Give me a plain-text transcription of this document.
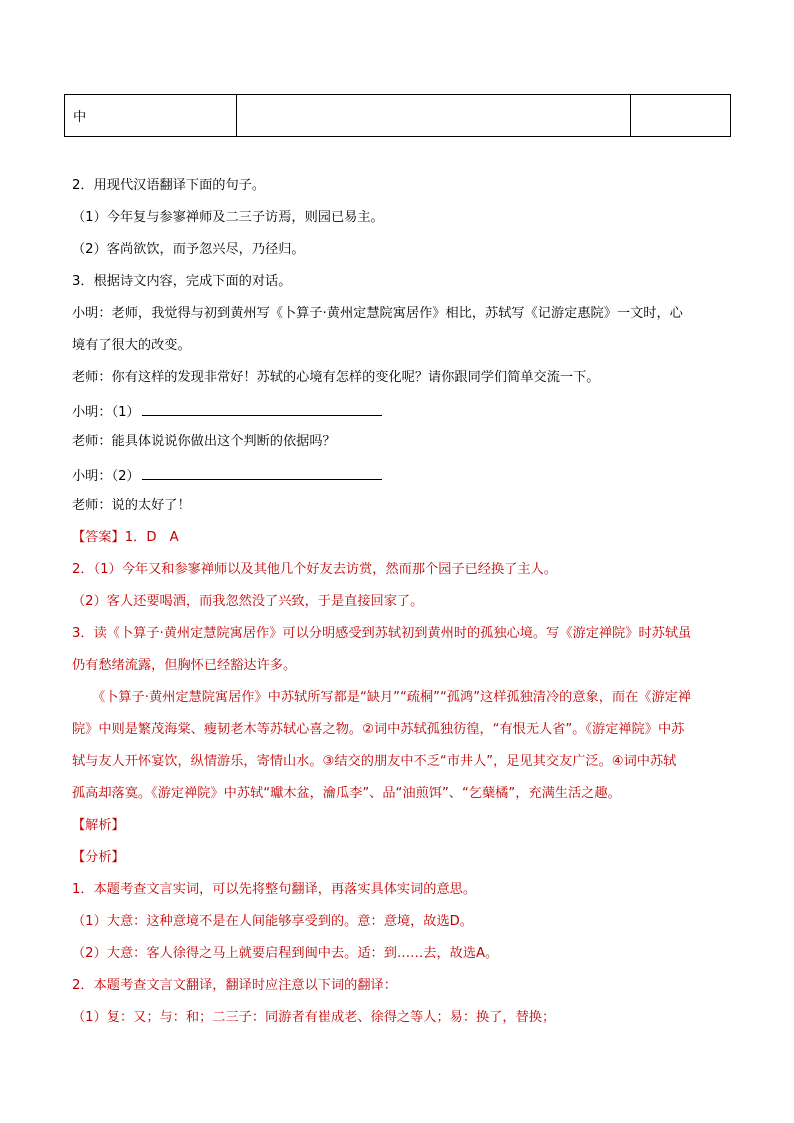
中		
2．用现代汉语翻译下面的句子。
（1）今年复与参寥禅师及二三子访焉，则园已易主。
（2）客尚欲饮，而予忽兴尽，乃径归。
3．根据诗文内容，完成下面的对话。
小明：老师，我觉得与初到黄州写《卜算子·黄州定慧院寓居作》相比，苏轼写《记游定惠院》一文时，心
境有了很大的改变。
老师：你有这样的发现非常好！苏轼的心境有怎样的变化呢？请你跟同学们简单交流一下。
小明：（1）
老师：能具体说说你做出这个判断的依据吗？
小明：（2）
老师：说的太好了！
【答案】1．D　A
2．（1）今年又和参寥禅师以及其他几个好友去访赏，然而那个园子已经换了主人。
（2）客人还要喝酒，而我忽然没了兴致，于是直接回家了。
3．读《卜算子·黄州定慧院寓居作》可以分明感受到苏轼初到黄州时的孤独心境。写《游定禅院》时苏轼虽
仍有愁绪流露，但胸怀已经豁达许多。
《卜算子·黄州定慧院寓居作》中苏轼所写都是“缺月”“疏桐”“孤鸿”这样孤独清冷的意象，而在《游定禅
院》中则是繁茂海棠、瘦韧老木等苏轼心喜之物。②词中苏轼孤独彷徨，“有恨无人省”。《游定禅院》中苏
轼与友人开怀宴饮，纵情游乐，寄情山水。③结交的朋友中不乏“市井人”，足见其交友广泛。④词中苏轼
孤高却落寞。《游定禅院》中苏轼“瓛木盆，瀹瓜李”、品“油煎饵”、“乞蘖橘”，充满生活之趣。
【解析】
【分析】
1．本题考查文言实词，可以先将整句翻译，再落实具体实词的意思。
（1）大意：这种意境不是在人间能够享受到的。意：意境，故选D。
（2）大意：客人徐得之马上就要启程到闽中去。适：到……去，故选A。
2．本题考查文言文翻译，翻译时应注意以下词的翻译：
（1）复：又；与：和；二三子：同游者有崔成老、徐得之等人；易：换了，替换；
